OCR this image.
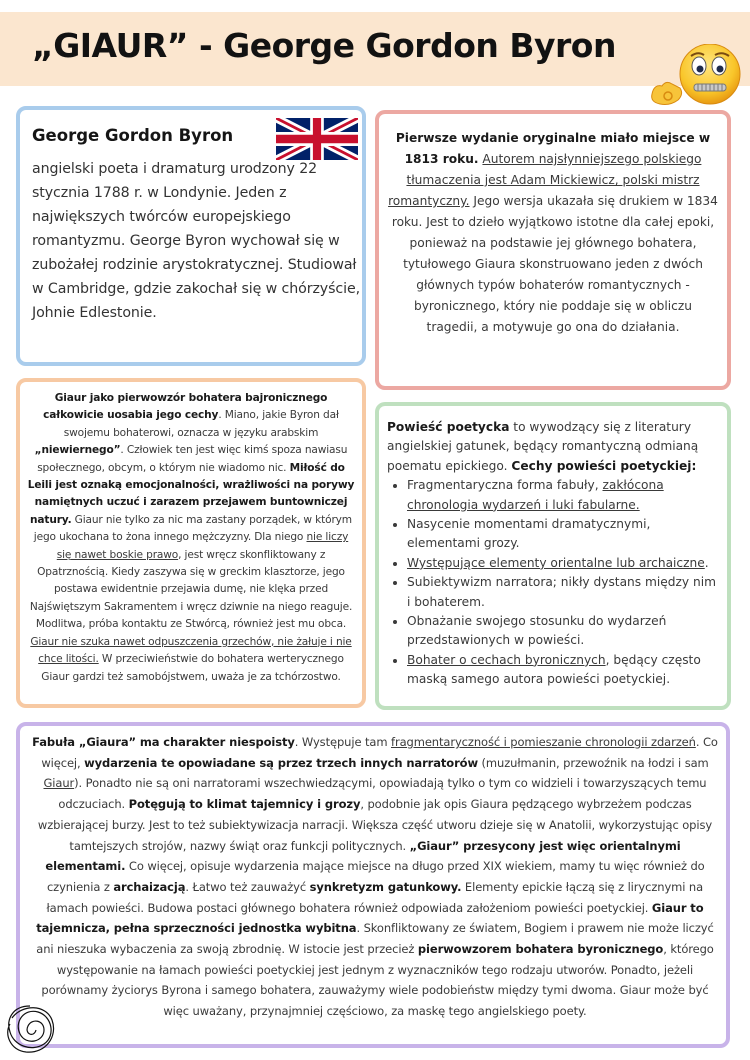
„GIAUR” - George Gordon Byron
George Gordon Byron
angielski poeta i dramaturg urodzony 22 stycznia 1788 r. w Londynie. Jeden z największych twórców europejskiego romantyzmu. George Byron wychował się w zubożałej rodzinie arystokratycznej. Studiował w Cambridge, gdzie zakochał się w chórzyście, Johnie Edlestonie.
Pierwsze wydanie oryginalne miało miejsce w 1813 roku. Autorem najsłynniejszego polskiego tłumaczenia jest Adam Mickiewicz, polski mistrz romantyczny. Jego wersja ukazała się drukiem w 1834 roku. Jest to dzieło wyjątkowo istotne dla całej epoki, ponieważ na podstawie jej głównego bohatera, tytułowego Giaura skonstruowano jeden z dwóch głównych typów bohaterów romantycznych - byronicznego, który nie poddaje się w obliczu tragedii, a motywuje go ona do działania.
Giaur jako pierwowzór bohatera bajronicznego całkowicie uosabia jego cechy. Miano, jakie Byron dał swojemu bohaterowi, oznacza w języku arabskim „niewiernego”. Człowiek ten jest więc kimś spoza nawiasu społecznego, obcym, o którym nie wiadomo nic. Miłość do Leili jest oznaką emocjonalności, wrażliwości na porywy namiętnych uczuć i zarazem przejawem buntowniczej natury. Giaur nie tylko za nic ma zastany porządek, w którym jego ukochana to żona innego mężczyzny. Dla niego nie liczy się nawet boskie prawo, jest wręcz skonfliktowany z Opatrznością. Kiedy zaszywa się w greckim klasztorze, jego postawa ewidentnie przejawia dumę, nie klęka przed Najświętszym Sakramentem i wręcz dziwnie na niego reaguje. Modlitwa, próba kontaktu ze Stwórcą, również jest mu obca. Giaur nie szuka nawet odpuszczenia grzechów, nie żałuje i nie chce litości. W przeciwieństwie do bohatera werterycznego Giaur gardzi też samobójstwem, uważa je za tchórzostwo.
Powieść poetycka to wywodzący się z literatury angielskiej gatunek, będący romantyczną odmianą poematu epickiego. Cechy powieści poetyckiej:
• Fragmentaryczna forma fabuły, zakłócona chronologia wydarzeń i luki fabularne.
• Nasycenie momentami dramatycznymi, elementami grozy.
• Występujące elementy orientalne lub archaiczne.
• Subiektywizm narratora; nikły dystans między nim i bohaterem.
• Obnażanie swojego stosunku do wydarzeń przedstawionych w powieści.
• Bohater o cechach byronicznych, będący często maską samego autora powieści poetyckiej.
Fabuła „Giaura” ma charakter niespoisty. Występuje tam fragmentaryczność i pomieszanie chronologii zdarzeń. Co więcej, wydarzenia te opowiadane są przez trzech innych narratorów (muzułmanin, przewoźnik na łodzi i sam Giaur). Ponadto nie są oni narratorami wszechwiedzącymi, opowiadają tylko o tym co widzieli i towarzyszących temu odczuciach. Potęgują to klimat tajemnicy i grozy, podobnie jak opis Giaura pędzącego wybrzeżem podczas wzbierającej burzy. Jest to też subiektywizacja narracji. Większa część utworu dzieje się w Anatolii, wykorzystując opisy tamtejszych strojów, nazwy świąt oraz funkcji politycznych. „Giaur” przesycony jest więc orientalnymi elementami. Co więcej, opisuje wydarzenia mające miejsce na długo przed XIX wiekiem, mamy tu więc również do czynienia z archaizacją. Łatwo też zauważyć synkretyzm gatunkowy. Elementy epickie łączą się z lirycznymi na łamach powieści. Budowa postaci głównego bohatera również odpowiada założeniom powieści poetyckiej. Giaur to tajemnicza, pełna sprzeczności jednostka wybitna. Skonfliktowany ze światem, Bogiem i prawem nie może liczyć ani nieszuka wybaczenia za swoją zbrodnię. W istocie jest przecież pierwowzorem bohatera byronicznego, którego występowanie na łamach powieści poetyckiej jest jednym z wyznaczników tego rodzaju utworów. Ponadto, jeżeli porównamy życiorys Byrona i samego bohatera, zauważymy wiele podobieństw między tymi dwoma. Giaur może być więc uważany, przynajmniej częściowo, za maskę tego angielskiego poety.
